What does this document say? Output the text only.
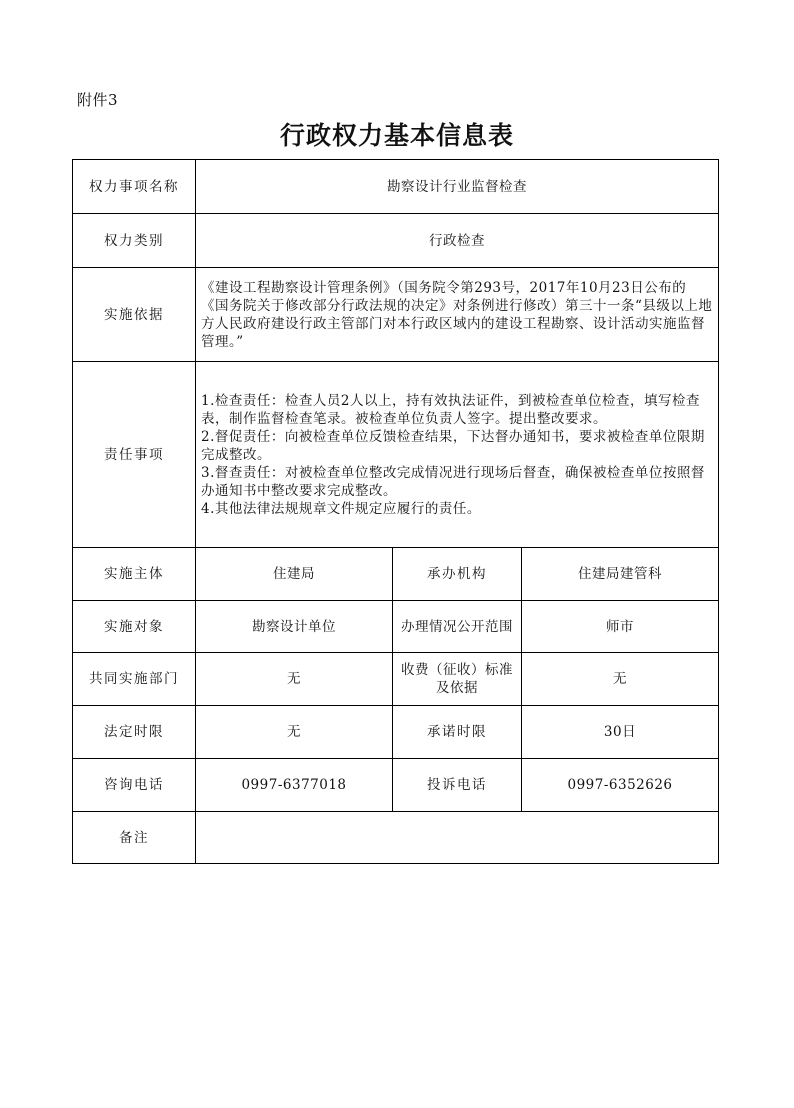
附件3
行政权力基本信息表
权力事项名称	勘察设计行业监督检查		
权力类别	行政检查		
实施依据	《建设工程勘察设计管理条例》（国务院令第293号，2017年10月23日公布的《国务院关于修改部分行政法规的决定》对条例进行修改）第三十一条“县级以上地方人民政府建设行政主管部门对本行政区域内的建设工程勘察、设计活动实施监督管理。”		
责任事项	1.检查责任：检查人员2人以上，持有效执法证件，到被检查单位检查，填写检查表，制作监督检查笔录。被检查单位负责人签字。提出整改要求。
2.督促责任：向被检查单位反馈检查结果，下达督办通知书，要求被检查单位限期完成整改。
3.督查责任：对被检查单位整改完成情况进行现场后督查，确保被检查单位按照督办通知书中整改要求完成整改。
4.其他法律法规规章文件规定应履行的责任。		

实施主体	住建局	承办机构	住建局建管科
实施对象	勘察设计单位	办理情况公开范围	师市
共同实施部门	无	收费（征收）标准及依据	无
法定时限	无	承诺时限	30日
咨询电话	0997-6377018	投诉电话	0997-6352626
备注			
